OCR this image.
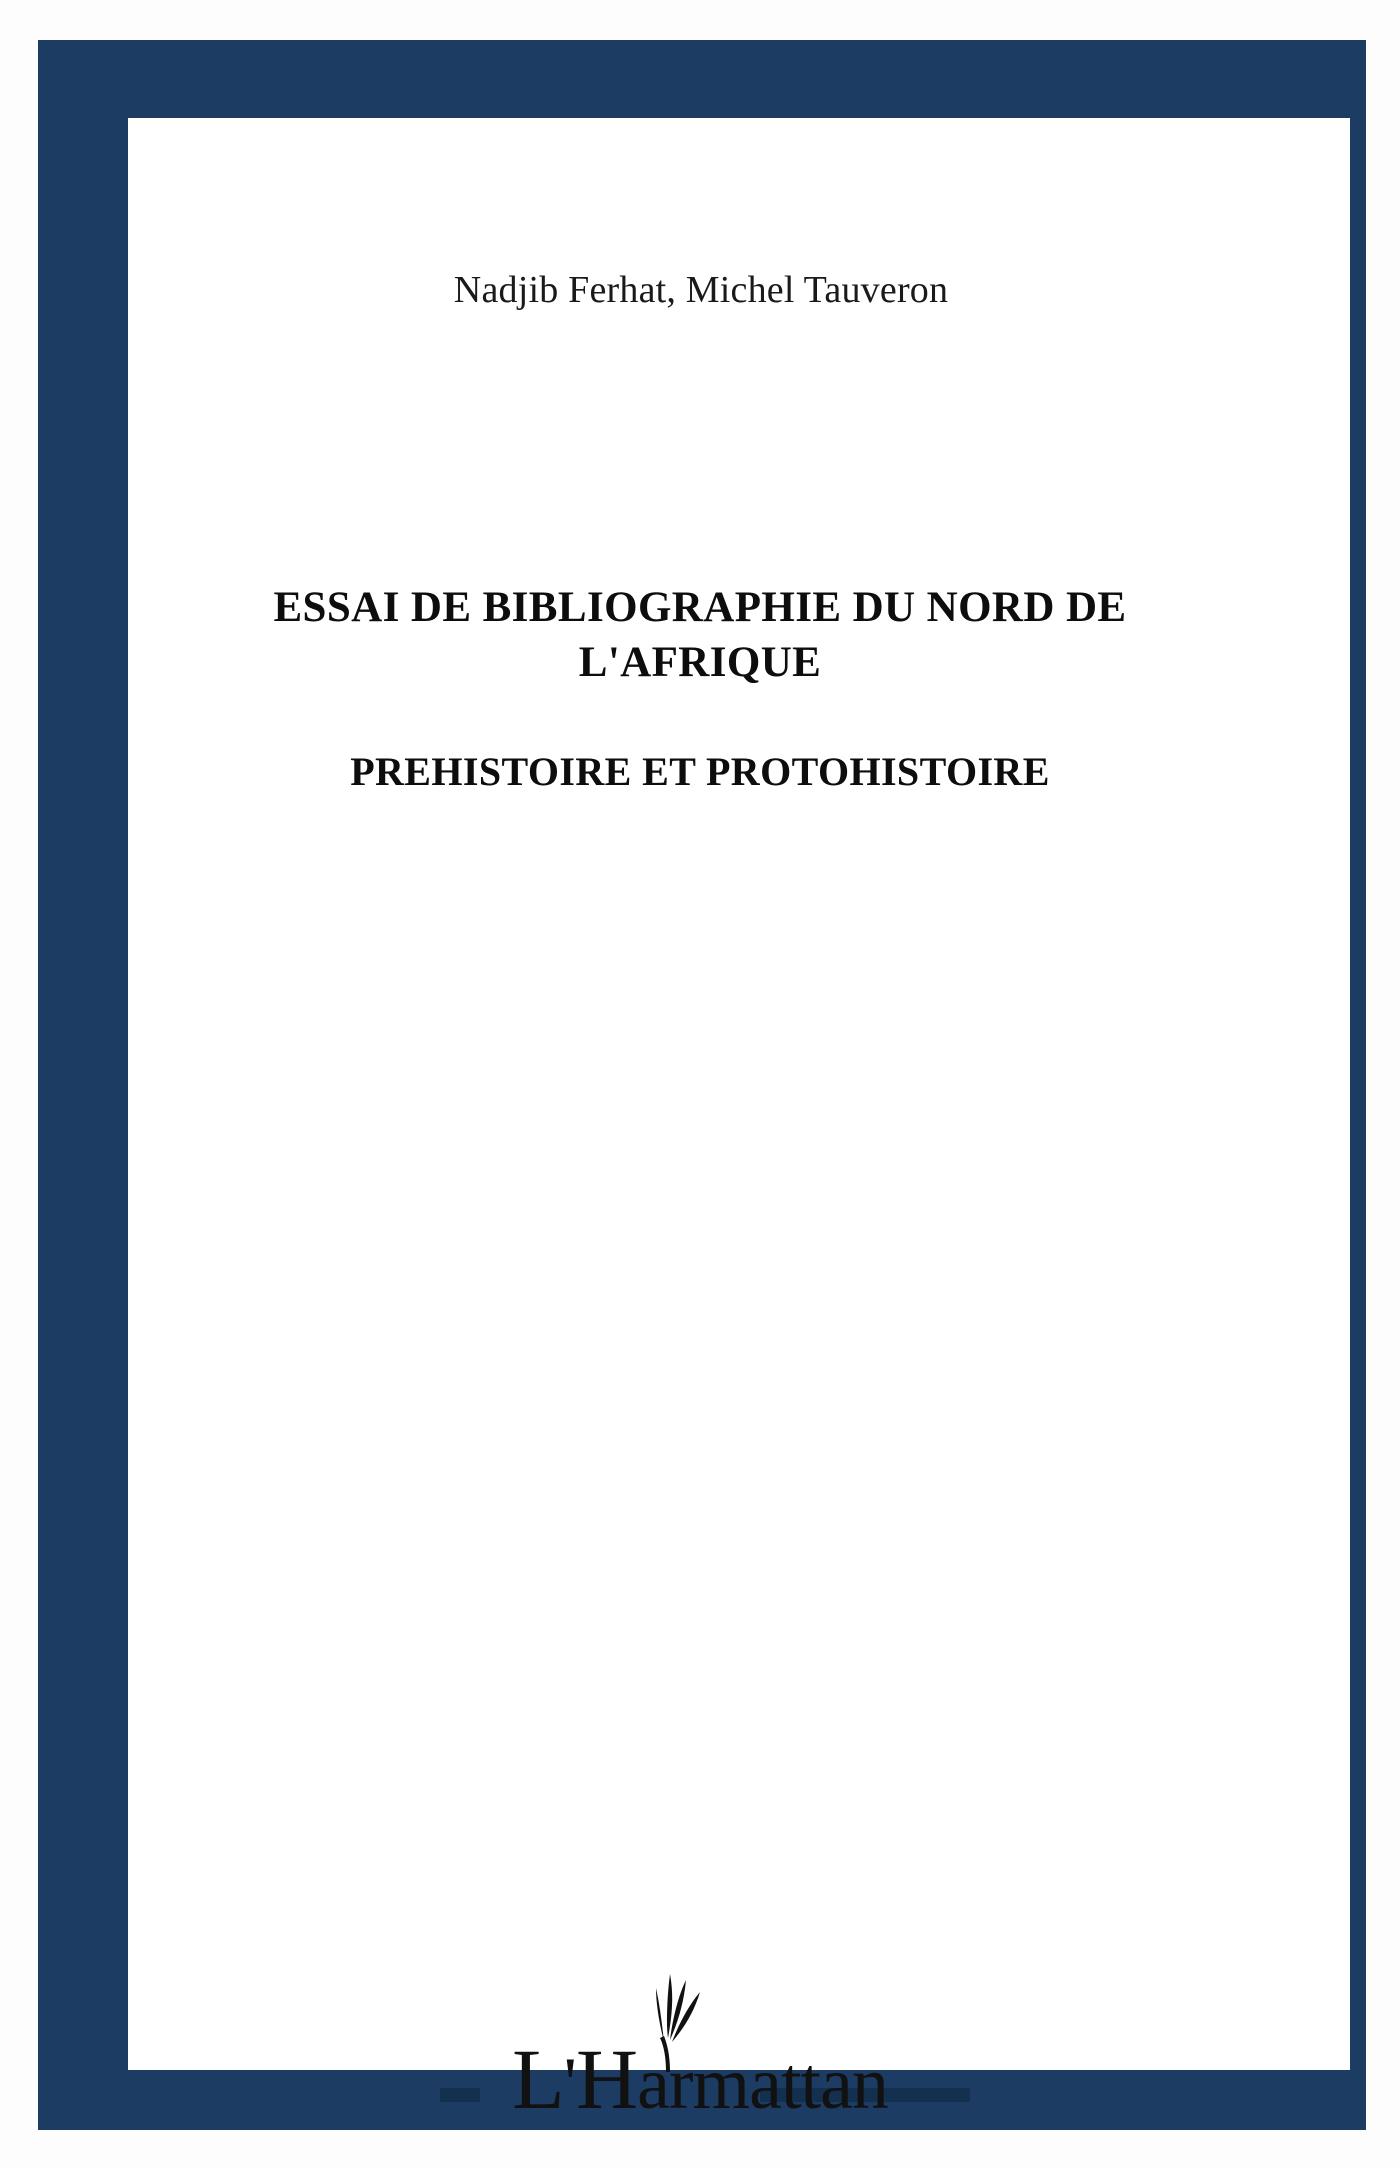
Nadjib Ferhat, Michel Tauveron
ESSAI DE BIBLIOGRAPHIE DU NORD DE
L'AFRIQUE
PREHISTOIRE ET PROTOHISTOIRE
L'Harmattan
